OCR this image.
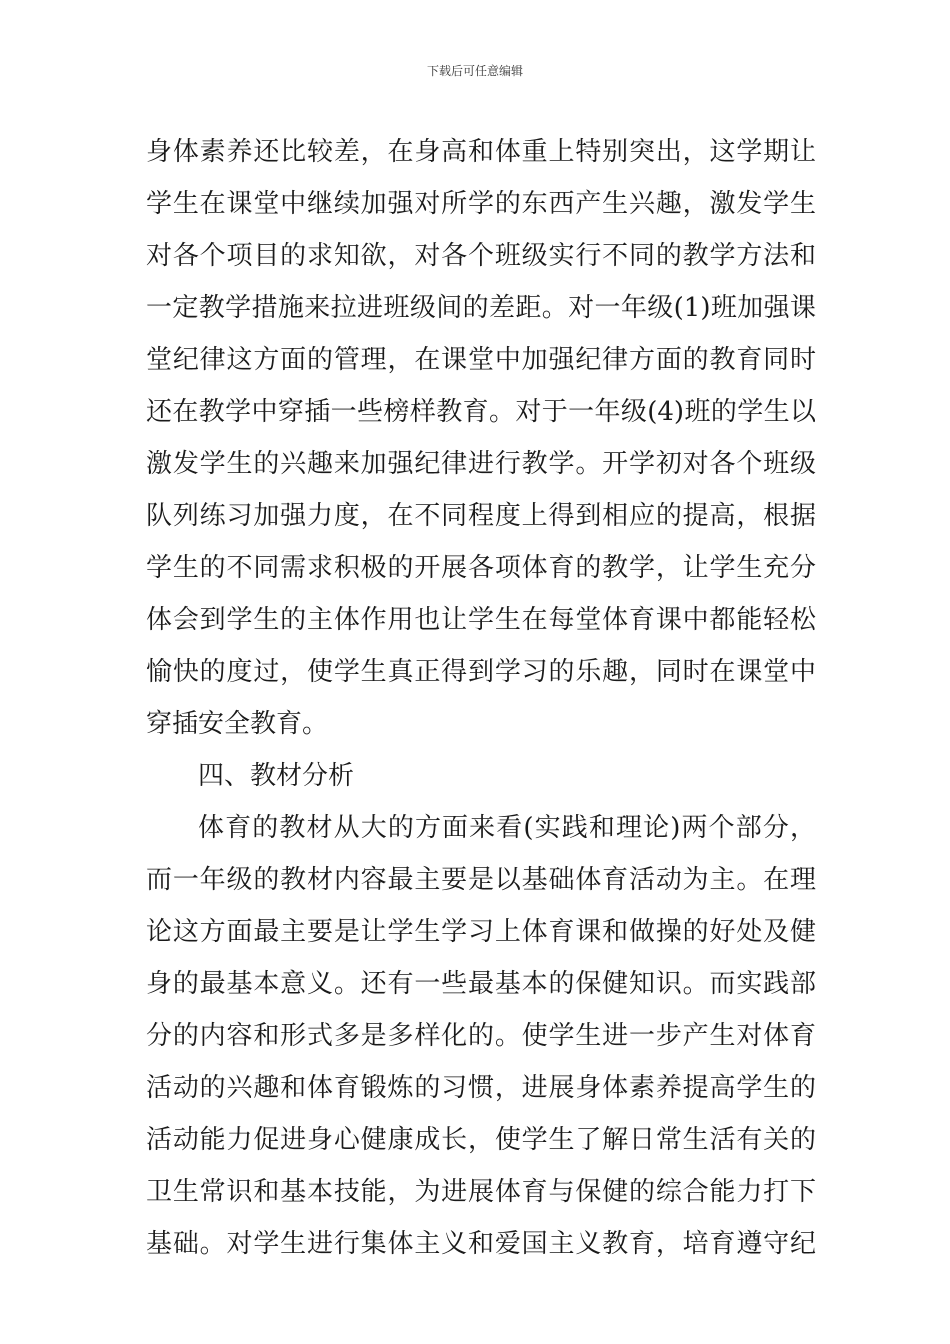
下载后可任意编辑
身体素养还比较差，在身高和体重上特别突出，这学期让
学生在课堂中继续加强对所学的东西产生兴趣，激发学生
对各个项目的求知欲，对各个班级实行不同的教学方法和
一定教学措施来拉进班级间的差距。对一年级(1)班加强课
堂纪律这方面的管理，在课堂中加强纪律方面的教育同时
还在教学中穿插一些榜样教育。对于一年级(4)班的学生以
激发学生的兴趣来加强纪律进行教学。开学初对各个班级
队列练习加强力度，在不同程度上得到相应的提高，根据
学生的不同需求积极的开展各项体育的教学，让学生充分
体会到学生的主体作用也让学生在每堂体育课中都能轻松
愉快的度过，使学生真正得到学习的乐趣，同时在课堂中
穿插安全教育。
四、教材分析
体育的教材从大的方面来看(实践和理论)两个部分，
而一年级的教材内容最主要是以基础体育活动为主。在理
论这方面最主要是让学生学习上体育课和做操的好处及健
身的最基本意义。还有一些最基本的保健知识。而实践部
分的内容和形式多是多样化的。使学生进一步产生对体育
活动的兴趣和体育锻炼的习惯，进展身体素养提高学生的
活动能力促进身心健康成长，使学生了解日常生活有关的
卫生常识和基本技能，为进展体育与保健的综合能力打下
基础。对学生进行集体主义和爱国主义教育，培育遵守纪
